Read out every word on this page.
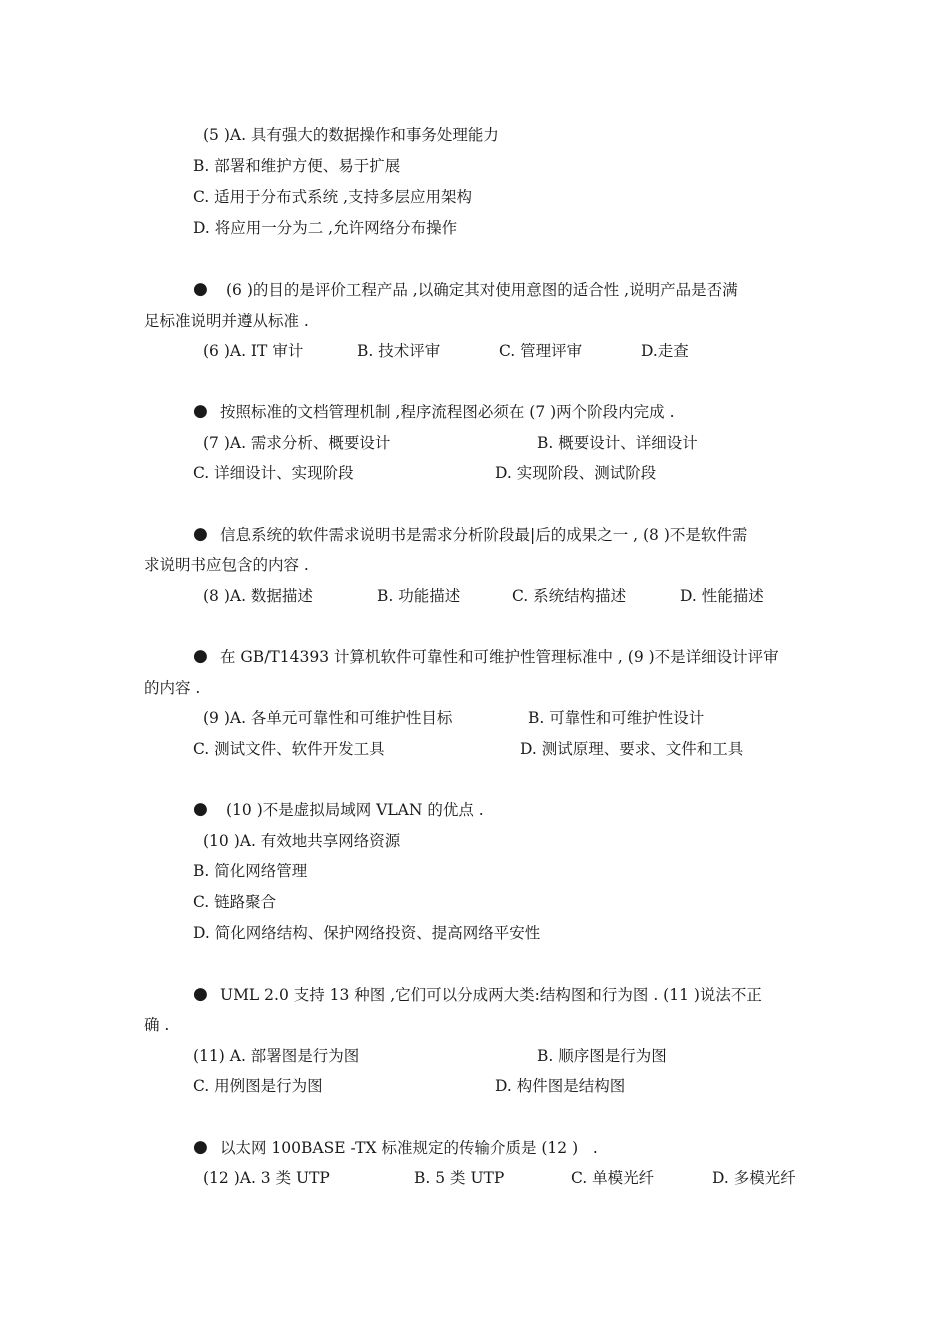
(5 )A. 具有强大的数据操作和事务处理能力
B. 部署和维护方便、易于扩展
C. 适用于分布式系统 ,支持多层应用架构
D. 将应用一分为二 ,允许网络分布操作
● (6 )的目的是评价工程产品 ,以确定其对使用意图的适合性 ,说明产品是否满
足标准说明并遵从标准 .
(6 )A. IT 审计	B. 技术评审	C. 管理评审	D.走查
● 按照标准的文档管理机制 ,程序流程图必须在 (7 )两个阶段内完成 .
(7 )A. 需求分析、概要设计	B. 概要设计、详细设计
C. 详细设计、实现阶段	D. 实现阶段、测试阶段
● 信息系统的软件需求说明书是需求分析阶段最|后的成果之一 , (8 )不是软件需
求说明书应包含的内容 .
(8 )A. 数据描述	B. 功能描述	C. 系统结构描述	D. 性能描述
● 在 GB/T14393 计算机软件可靠性和可维护性管理标准中 , (9 )不是详细设计评审
的内容 .
(9 )A. 各单元可靠性和可维护性目标	B. 可靠性和可维护性设计
C. 测试文件、软件开发工具	D. 测试原理、要求、文件和工具
● (10 )不是虚拟局域网 VLAN 的优点 .
(10 )A. 有效地共享网络资源
B. 简化网络管理
C. 链路聚合
D. 简化网络结构、保护网络投资、提高网络平安性
● UML 2.0 支持 13 种图 ,它们可以分成两大类:结构图和行为图 . (11 )说法不正
确 .
(11) A. 部署图是行为图	B. 顺序图是行为图
C. 用例图是行为图	D. 构件图是结构图
● 以太网 100BASE -TX 标准规定的传输介质是 (12 )   .
(12 )A. 3 类 UTP	B. 5 类 UTP	C. 单模光纤	D. 多模光纤
